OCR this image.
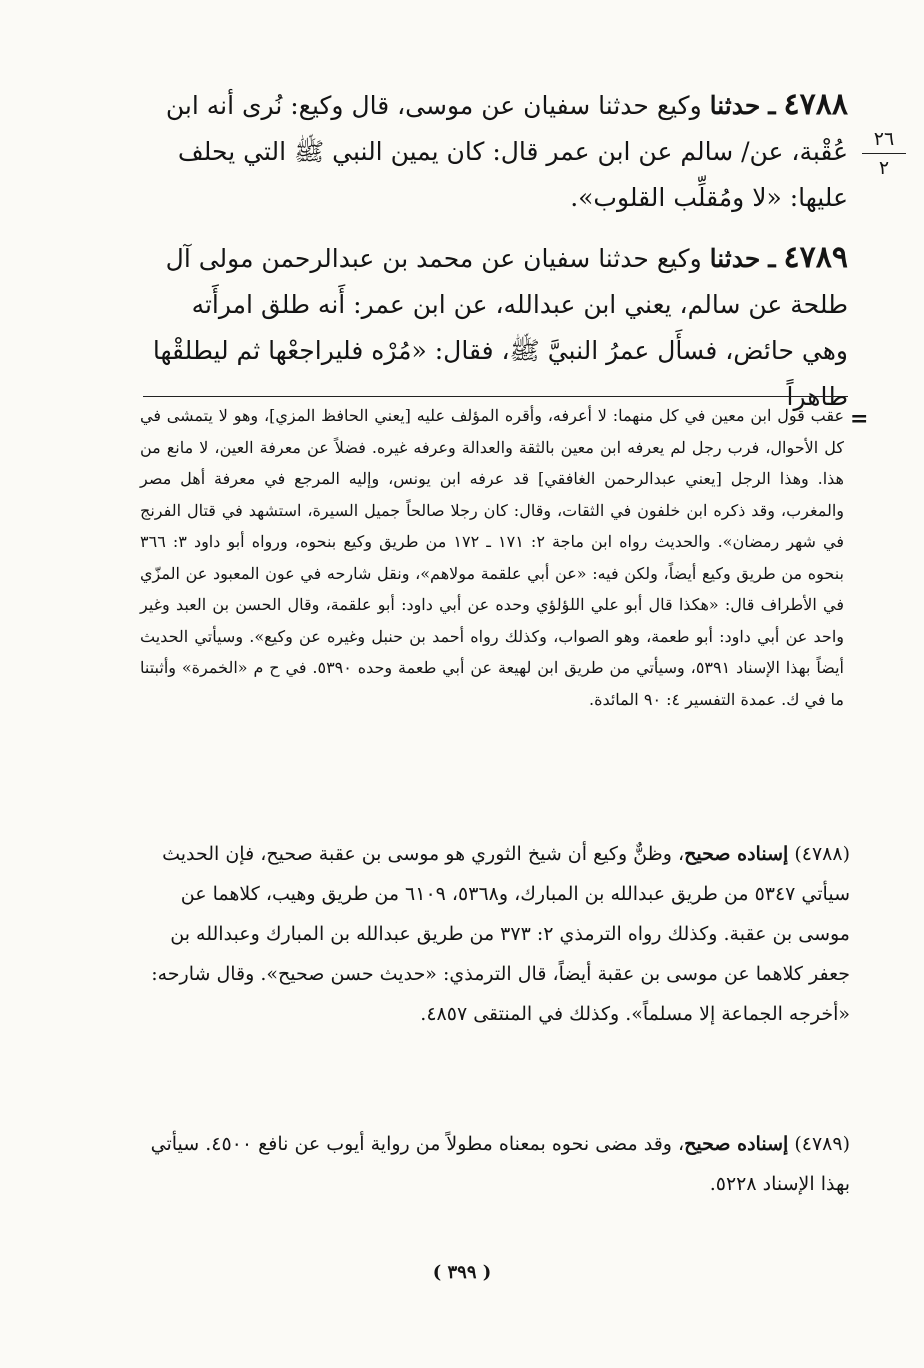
٢٦
٢

٤٧٨٨ ـ حدثنا وكيع حدثنا سفيان عن موسى، قال وكيع: نُرى أنه ابن عُقْبة، عن/ سالم عن ابن عمر قال: كان يمين النبي ﷺ التي يحلف عليها: «لا ومُقلِّب القلوب».

٤٧٨٩ ـ حدثنا وكيع حدثنا سفيان عن محمد بن عبدالرحمن مولى آل طلحة عن سالم، يعني ابن عبدالله، عن ابن عمر: أَنه طلق امرأَته وهي حائض، فسأَل عمرُ النبيَّ ﷺ، فقال: «مُرْه فليراجعْها ثم ليطلقْها طاهراً

=
عقب قول ابن معين في كل منهما: لا أعرفه، وأقره المؤلف عليه [يعني الحافظ المزي]، وهو لا يتمشى في كل الأحوال، فرب رجل لم يعرفه ابن معين بالثقة والعدالة وعرفه غيره. فضلاً عن معرفة العين، لا مانع من هذا. وهذا الرجل [يعني عبدالرحمن الغافقي] قد عرفه ابن يونس، وإليه المرجع في معرفة أهل مصر والمغرب، وقد ذكره ابن خلفون في الثقات، وقال: كان رجلا صالحاً جميل السيرة، استشهد في قتال الفرنج في شهر رمضان». والحديث رواه ابن ماجة ٢: ١٧١ ـ ١٧٢ من طريق وكيع بنحوه، ورواه أبو داود ٣: ٣٦٦ بنحوه من طريق وكيع أيضاً، ولكن فيه: «عن أبي علقمة مولاهم»، ونقل شارحه في عون المعبود عن المزّي في الأطراف قال: «هكذا قال أبو علي اللؤلؤي وحده عن أبي داود: أبو علقمة، وقال الحسن بن العبد وغير واحد عن أبي داود: أبو طعمة، وهو الصواب، وكذلك رواه أحمد بن حنبل وغيره عن وكيع». وسيأتي الحديث أيضاً بهذا الإسناد ٥٣٩١، وسيأتي من طريق ابن لهيعة عن أبي طعمة وحده ٥٣٩٠. في ح م «الخمرة» وأثبتنا ما في ك. عمدة التفسير ٤: ٩٠ المائدة.
(٤٧٨٨) إسناده صحيح، وظنٌّ وكيع أن شيخ الثوري هو موسى بن عقبة صحيح، فإن الحديث سيأتي ٥٣٤٧ من طريق عبدالله بن المبارك، و٥٣٦٨، ٦١٠٩ من طريق وهيب، كلاهما عن موسى بن عقبة. وكذلك رواه الترمذي ٢: ٣٧٣ من طريق عبدالله بن المبارك وعبدالله بن جعفر كلاهما عن موسى بن عقبة أيضاً، قال الترمذي: «حديث حسن صحيح». وقال شارحه: «أخرجه الجماعة إلا مسلماً». وكذلك في المنتقى ٤٨٥٧.
(٤٧٨٩) إسناده صحيح، وقد مضى نحوه بمعناه مطولاً من رواية أيوب عن نافع ٤٥٠٠. سيأتي بهذا الإسناد ٥٢٢٨.
( ٣٩٩ )
